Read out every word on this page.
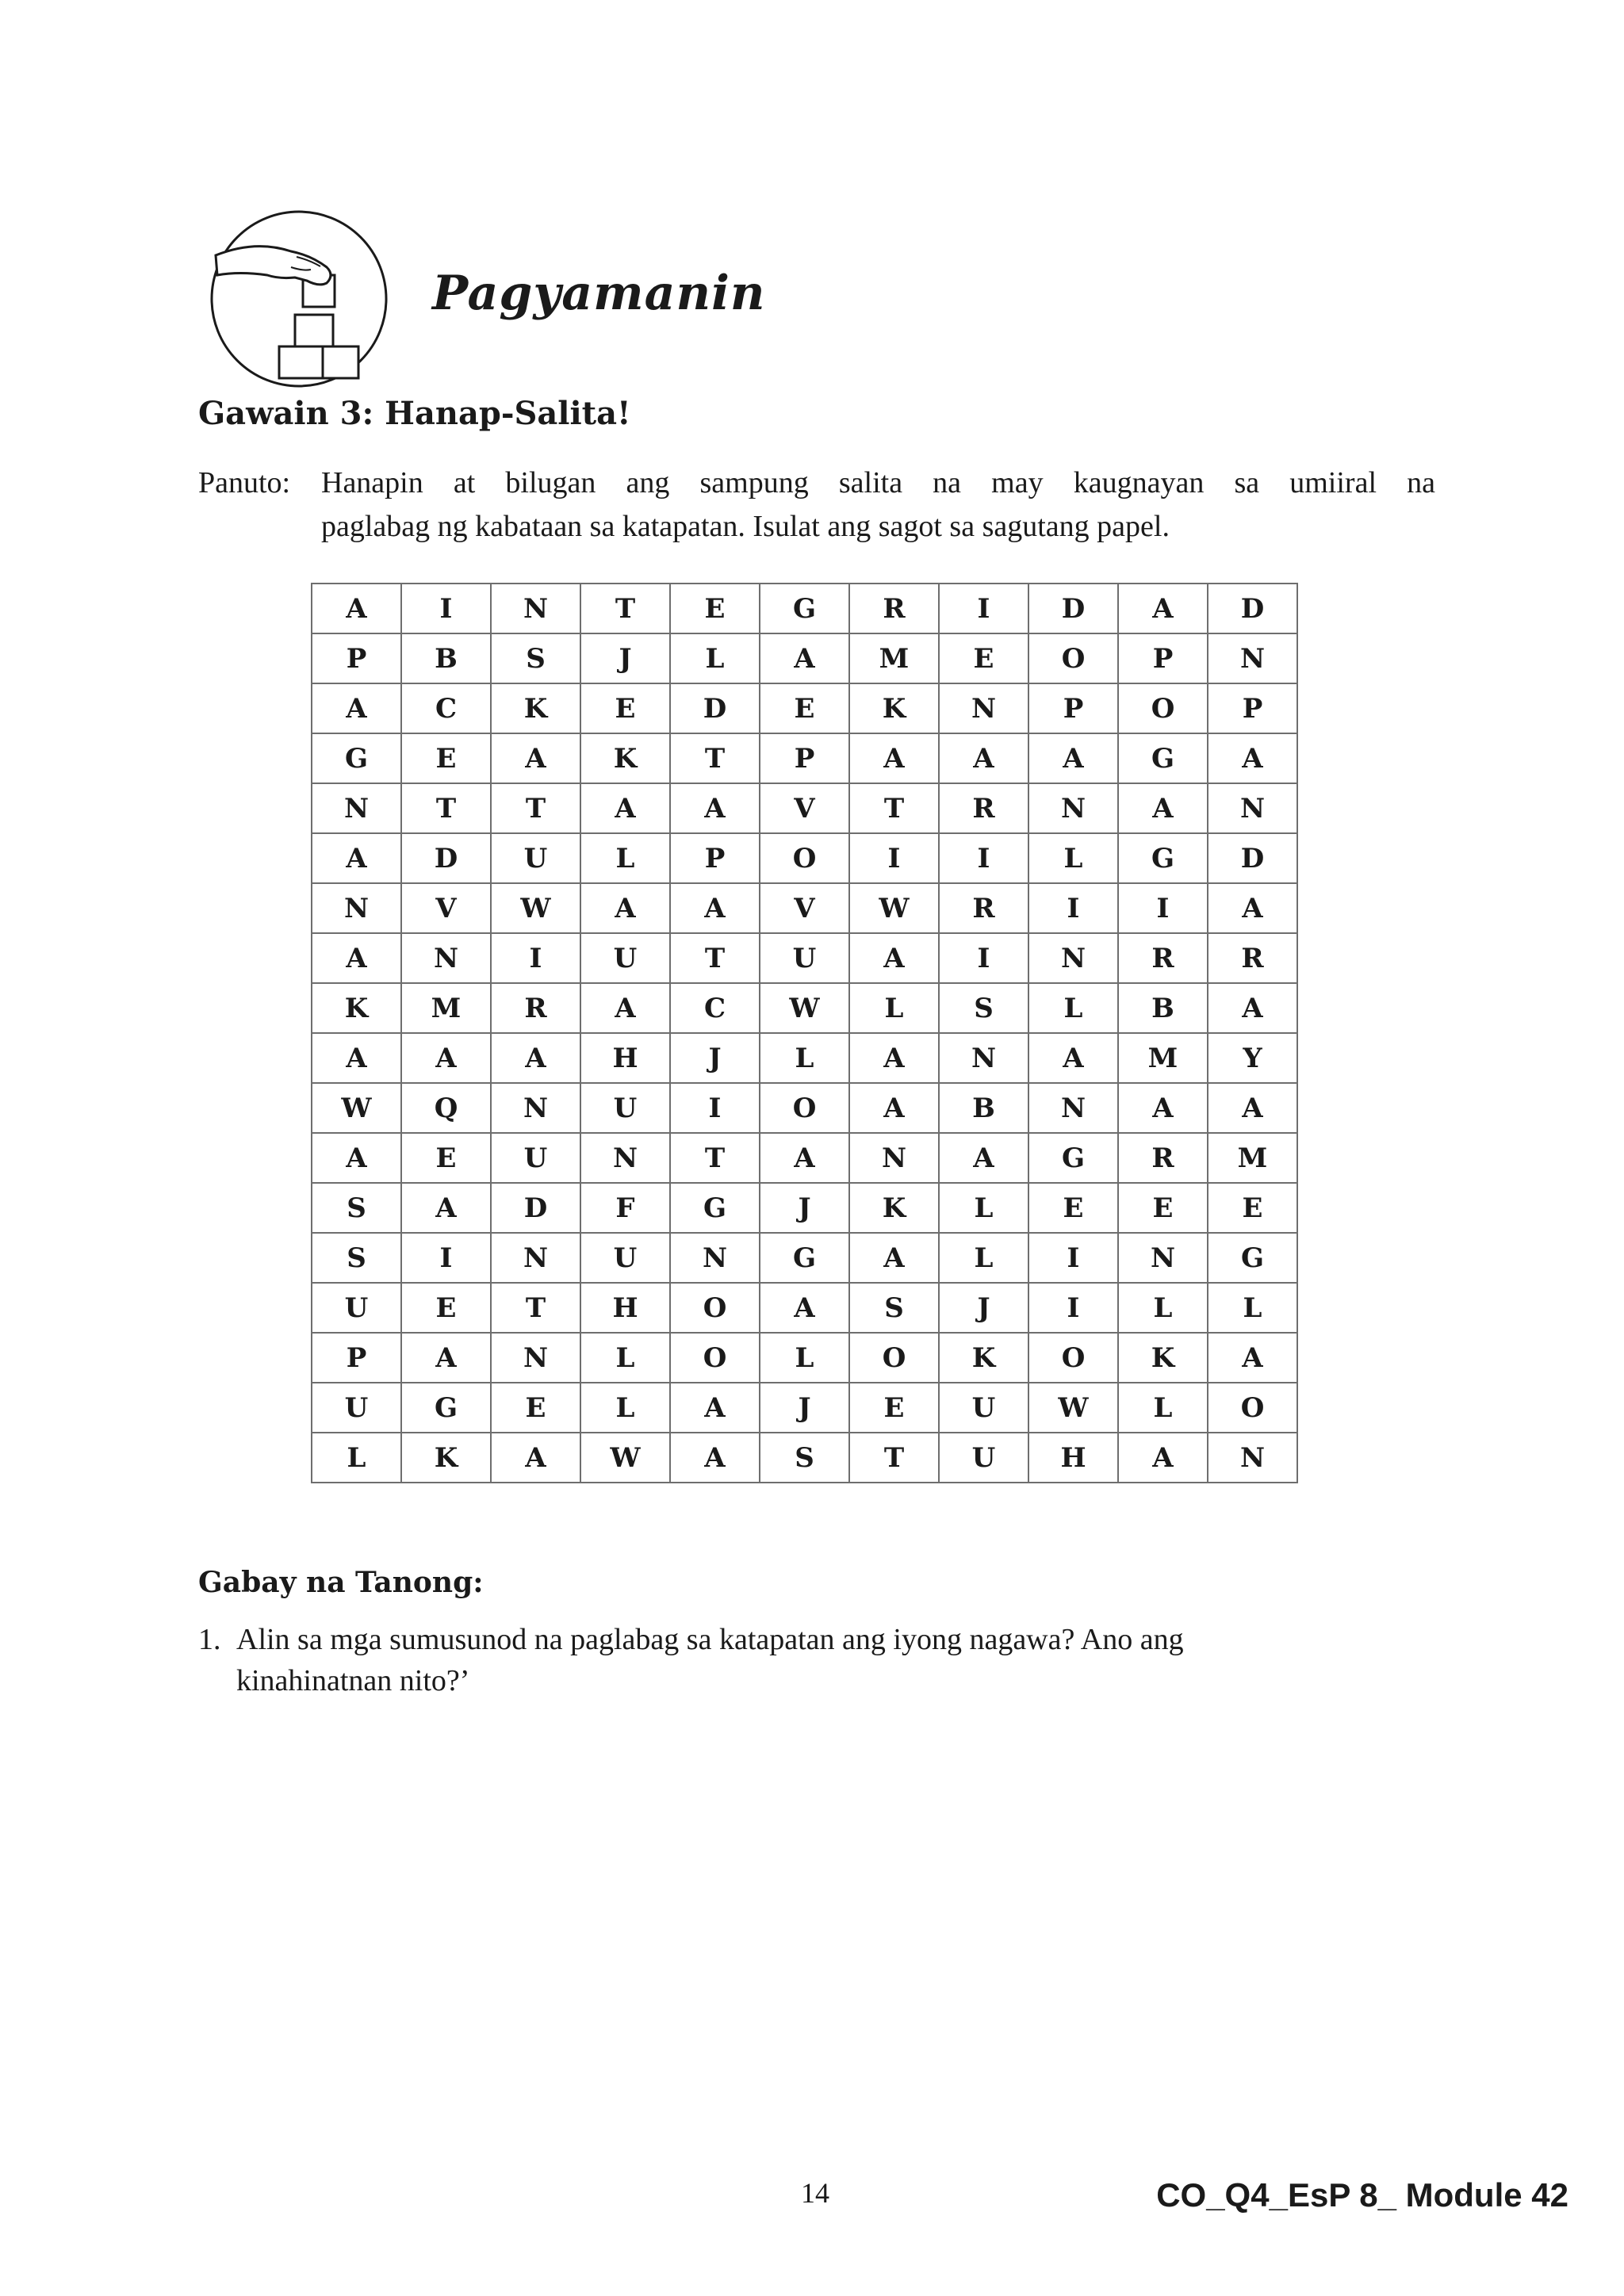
Pagyamanin
Gawain 3: Hanap-Salita!
Panuto:	Hanapin at bilugan ang sampung salita na may kaugnayan sa umiiral na
paglabag ng kabataan sa katapatan. Isulat ang sagot sa sagutang papel.
A	I	N	T	E	G	R	I	D	A	D
P	B	S	J	L	A	M	E	O	P	N
A	C	K	E	D	E	K	N	P	O	P
G	E	A	K	T	P	A	A	A	G	A
N	T	T	A	A	V	T	R	N	A	N
A	D	U	L	P	O	I	I	L	G	D
N	V	W	A	A	V	W	R	I	I	A
A	N	I	U	T	U	A	I	N	R	R
K	M	R	A	C	W	L	S	L	B	A
A	A	A	H	J	L	A	N	A	M	Y
W	Q	N	U	I	O	A	B	N	A	A
A	E	U	N	T	A	N	A	G	R	M
S	A	D	F	G	J	K	L	E	E	E
S	I	N	U	N	G	A	L	I	N	G
U	E	T	H	O	A	S	J	I	L	L
P	A	N	L	O	L	O	K	O	K	A
U	G	E	L	A	J	E	U	W	L	O
L	K	A	W	A	S	T	U	H	A	N
Gabay na Tanong:
1. Alin sa mga sumusunod na paglabag sa katapatan ang iyong nagawa? Ano ang
kinahinatnan nito?’
14	CO_Q4_EsP 8_ Module 42
